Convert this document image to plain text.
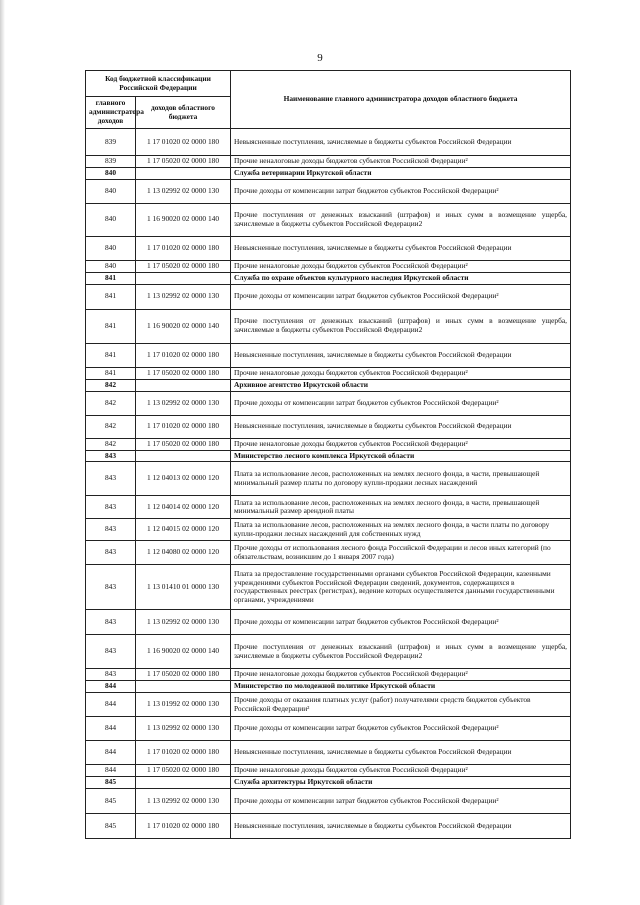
9
Код бюджетной классификации Российской Федерации		Наименование главного администратора доходов областного бюджета
главного администратора доходов	доходов областного бюджета	
839	1 17 01020 02 0000 180	Невыясненные поступления, зачисляемые в бюджеты субъектов Российской Федерации
839	1 17 05020 02 0000 180	Прочие неналоговые доходы бюджетов субъектов Российской Федерации²
840		Служба ветеринарии Иркутской области
840	1 13 02992 02 0000 130	Прочие доходы от компенсации затрат бюджетов субъектов Российской Федерации²
840	1 16 90020 02 0000 140	Прочие поступления от денежных взысканий (штрафов) и иных сумм в возмещение ущерба, зачисляемые в бюджеты субъектов Российской Федерации2
840	1 17 01020 02 0000 180	Невыясненные поступления, зачисляемые в бюджеты субъектов Российской Федерации
840	1 17 05020 02 0000 180	Прочие неналоговые доходы бюджетов субъектов Российской Федерации²
841		Служба по охране объектов культурного наследия Иркутской области
841	1 13 02992 02 0000 130	Прочие доходы от компенсации затрат бюджетов субъектов Российской Федерации²
841	1 16 90020 02 0000 140	Прочие поступления от денежных взысканий (штрафов) и иных сумм в возмещение ущерба, зачисляемые в бюджеты субъектов Российской Федерации2
841	1 17 01020 02 0000 180	Невыясненные поступления, зачисляемые в бюджеты субъектов Российской Федерации
841	1 17 05020 02 0000 180	Прочие неналоговые доходы бюджетов субъектов Российской Федерации²
842		Архивное агентство Иркутской области
842	1 13 02992 02 0000 130	Прочие доходы от компенсации затрат бюджетов субъектов Российской Федерации²
842	1 17 01020 02 0000 180	Невыясненные поступления, зачисляемые в бюджеты субъектов Российской Федерации
842	1 17 05020 02 0000 180	Прочие неналоговые доходы бюджетов субъектов Российской Федерации²
843		Министерство лесного комплекса Иркутской области
843	1 12 04013 02 0000 120	Плата за использование лесов, расположенных на землях лесного фонда, в части, превышающей минимальный размер платы по договору купли-продажи лесных насаждений
843	1 12 04014 02 0000 120	Плата за использование лесов, расположенных на землях лесного фонда, в части, превышающей минимальный размер арендной платы
843	1 12 04015 02 0000 120	Плата за использование лесов, расположенных на землях лесного фонда, в части платы по договору купли-продажи лесных насаждений для собственных нужд
843	1 12 04080 02 0000 120	Прочие доходы от использования лесного фонда Российской Федерации и лесов иных категорий (по обязательствам, возникшим до 1 января 2007 года)
843	1 13 01410 01 0000 130	Плата за предоставление государственными органами субъектов Российской Федерации, казенными учреждениями субъектов Российской Федерации сведений, документов, содержащихся в государственных реестрах (регистрах), ведение которых осуществляется данными государственными органами, учреждениями
843	1 13 02992 02 0000 130	Прочие доходы от компенсации затрат бюджетов субъектов Российской Федерации²
843	1 16 90020 02 0000 140	Прочие поступления от денежных взысканий (штрафов) и иных сумм в возмещение ущерба, зачисляемые в бюджеты субъектов Российской Федерации2
843	1 17 05020 02 0000 180	Прочие неналоговые доходы бюджетов субъектов Российской Федерации²
844		Министерство по молодежной политике Иркутской области
844	1 13 01992 02 0000 130	Прочие доходы от оказания платных услуг (работ) получателями средств бюджетов субъектов Российской Федерации²
844	1 13 02992 02 0000 130	Прочие доходы от компенсации затрат бюджетов субъектов Российской Федерации²
844	1 17 01020 02 0000 180	Невыясненные поступления, зачисляемые в бюджеты субъектов Российской Федерации
844	1 17 05020 02 0000 180	Прочие неналоговые доходы бюджетов субъектов Российской Федерации²
845		Служба архитектуры Иркутской области
845	1 13 02992 02 0000 130	Прочие доходы от компенсации затрат бюджетов субъектов Российской Федерации²
845	1 17 01020 02 0000 180	Невыясненные поступления, зачисляемые в бюджеты субъектов Российской Федерации
